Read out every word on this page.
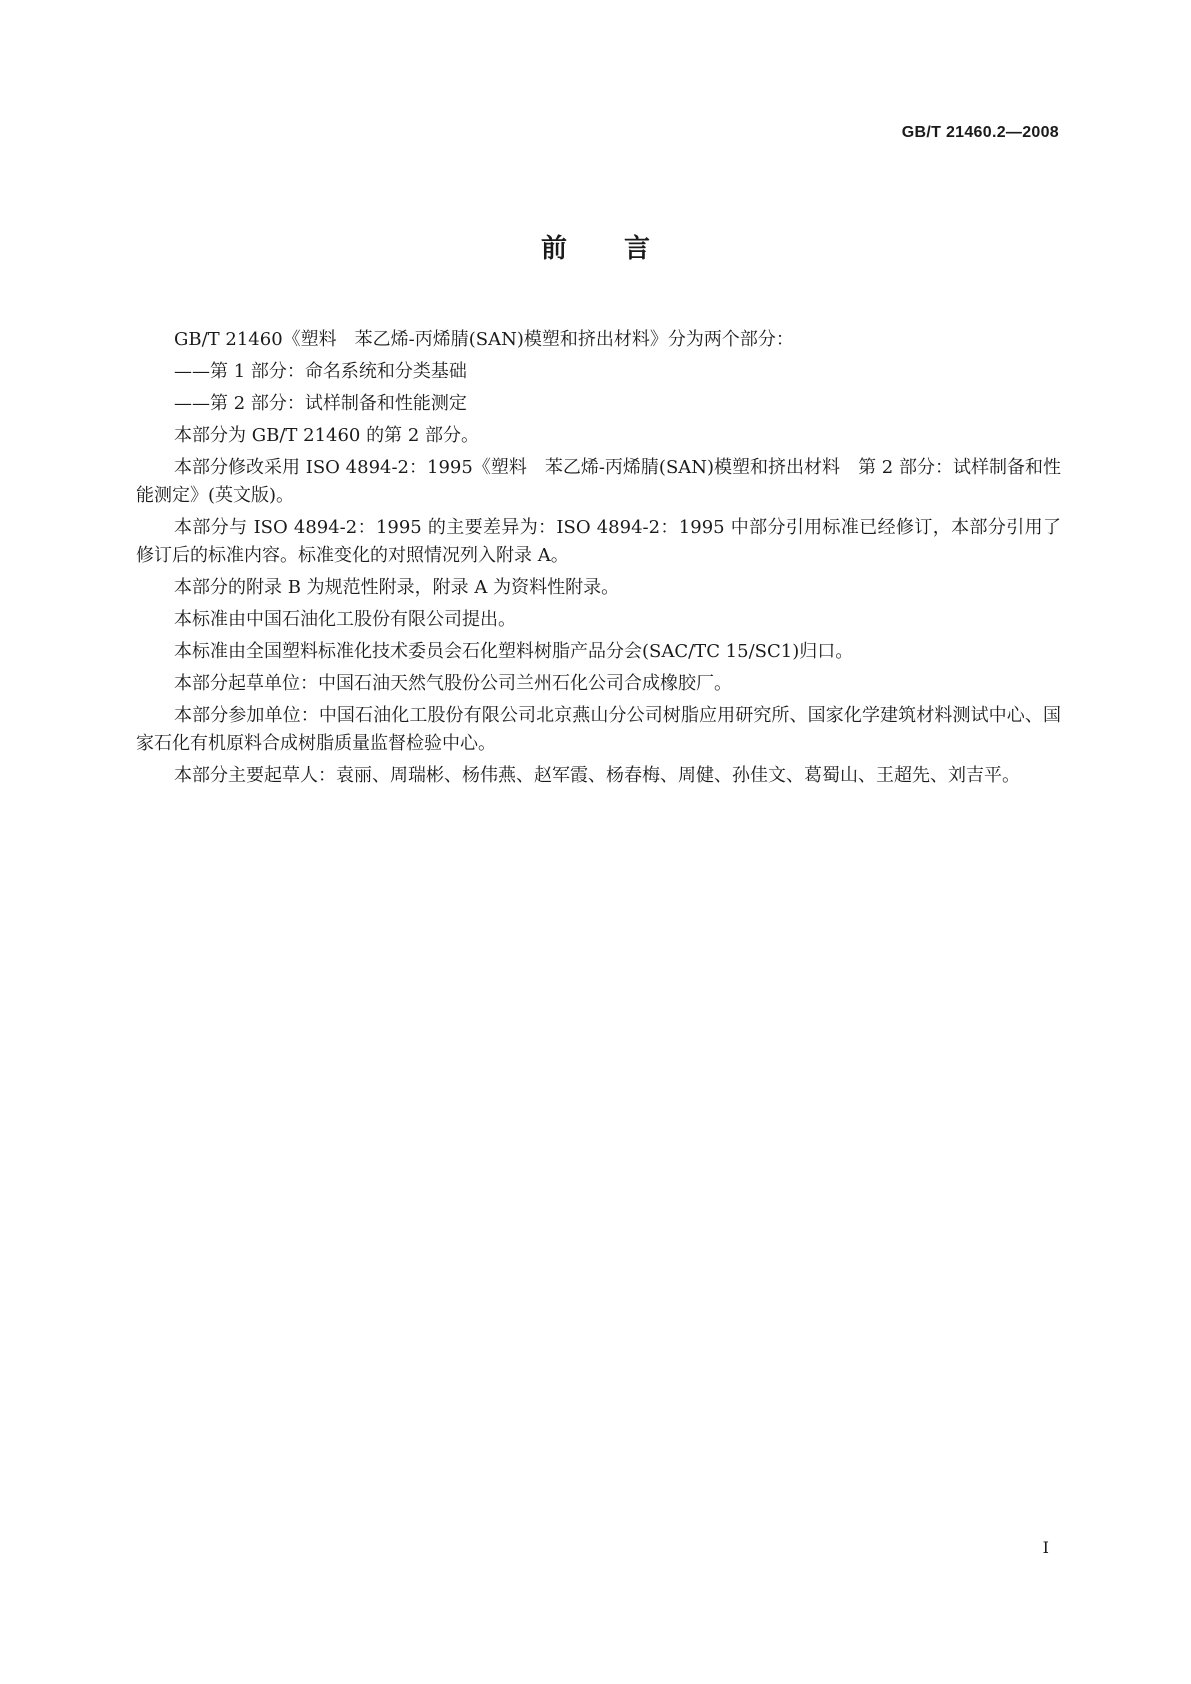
GB/T 21460.2—2008
前 言

GB/T 21460《塑料　苯乙烯-丙烯腈(SAN)模塑和挤出材料》分为两个部分：

——第 1 部分：命名系统和分类基础

——第 2 部分：试样制备和性能测定

本部分为 GB/T 21460 的第 2 部分。

本部分修改采用 ISO 4894-2：1995《塑料　苯乙烯-丙烯腈(SAN)模塑和挤出材料　第 2 部分：试样制备和性能测定》(英文版)。

本部分与 ISO 4894-2：1995 的主要差异为：ISO 4894-2：1995 中部分引用标准已经修订，本部分引用了修订后的标准内容。标准变化的对照情况列入附录 A。

本部分的附录 B 为规范性附录，附录 A 为资料性附录。

本标准由中国石油化工股份有限公司提出。

本标准由全国塑料标准化技术委员会石化塑料树脂产品分会(SAC/TC 15/SC1)归口。

本部分起草单位：中国石油天然气股份公司兰州石化公司合成橡胶厂。

本部分参加单位：中国石油化工股份有限公司北京燕山分公司树脂应用研究所、国家化学建筑材料测试中心、国家石化有机原料合成树脂质量监督检验中心。

本部分主要起草人：袁丽、周瑞彬、杨伟燕、赵军霞、杨春梅、周健、孙佳文、葛蜀山、王超先、刘吉平。

I
